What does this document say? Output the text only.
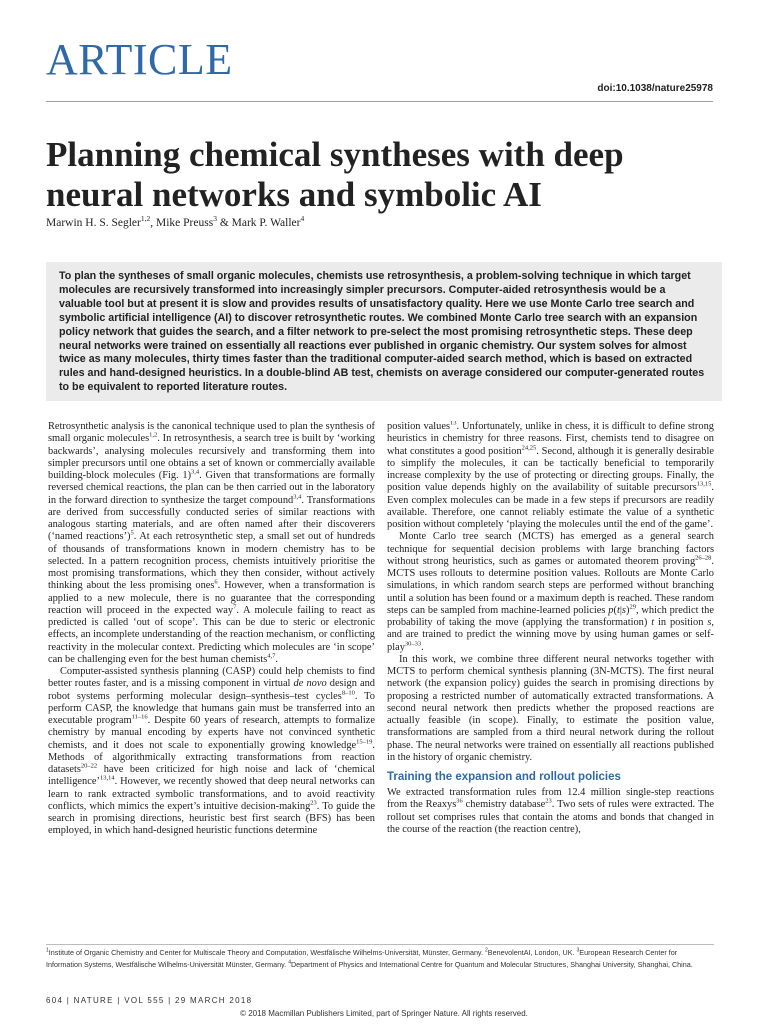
ARTICLE
doi:10.1038/nature25978
Planning chemical syntheses with deep neural networks and symbolic AI
Marwin H. S. Segler$^{1,2}$, Mike Preuss$^3$ & Mark P. Waller$^4$
To plan the syntheses of small organic molecules, chemists use retrosynthesis, a problem-solving technique in which target molecules are recursively transformed into increasingly simpler precursors. Computer-aided retrosynthesis would be a valuable tool but at present it is slow and provides results of unsatisfactory quality. Here we use Monte Carlo tree search and symbolic artificial intelligence (AI) to discover retrosynthetic routes. We combined Monte Carlo tree search with an expansion policy network that guides the search, and a filter network to pre-select the most promising retrosynthetic steps. These deep neural networks were trained on essentially all reactions ever published in organic chemistry. Our system solves for almost twice as many molecules, thirty times faster than the traditional computer-aided search method, which is based on extracted rules and hand-designed heuristics. In a double-blind AB test, chemists on average considered our computer-generated routes to be equivalent to reported literature routes.

Retrosynthetic analysis is the canonical technique used to plan the synthesis of small organic molecules$^{1,2}$. In retrosynthesis, a search tree is built by ‘working backwards’, analysing molecules recursively and transforming them into simpler precursors until one obtains a set of known or commercially available building-block molecules (Fig. 1)$^{3,4}$. Given that transformations are formally reversed chemical reactions, the plan can be then carried out in the laboratory in the forward direction to synthesize the target compound$^{3,4}$. Transformations are derived from successfully conducted series of similar reactions with analogous starting materials, and are often named after their discoverers (‘named reactions’)$^5$. At each retrosynthetic step, a small set out of hundreds of thousands of transformations known in modern chemistry has to be selected. In a pattern recognition process, chemists intuitively prioritise the most promising transformations, which they then consider, without actively thinking about the less promising ones$^6$. However, when a transformation is applied to a new molecule, there is no guarantee that the corresponding reaction will proceed in the expected way$^7$. A molecule failing to react as predicted is called ‘out of scope’. This can be due to steric or electronic effects, an incomplete understanding of the reaction mechanism, or conflicting reactivity in the molecular context. Predicting which molecules are ‘in scope’ can be challenging even for the best human chemists$^{4,7}$.

Computer-assisted synthesis planning (CASP) could help chemists to find better routes faster, and is a missing component in virtual de novo design and robot systems performing molecular design–synthesis–test cycles$^{8-10}$. To perform CASP, the knowledge that humans gain must be transferred into an executable program$^{11-16}$. Despite 60 years of research, attempts to formalize chemistry by manual encoding by experts have not convinced synthetic chemists, and it does not scale to exponentially growing knowledge$^{15-19}$. Methods of algorithmically extracting transformations from reaction datasets$^{20-22}$ have been criticized for high noise and lack of ‘chemical intelligence’$^{13,14}$. However, we recently showed that deep neural networks can learn to rank extracted symbolic transformations, and to avoid reactivity conflicts, which mimics the expert’s intuitive decision-making$^{23}$. To guide the search in promising directions, heuristic best first search (BFS) has been employed, in which hand-designed heuristic functions determine

position values$^{13}$. Unfortunately, unlike in chess, it is difficult to define strong heuristics in chemistry for three reasons. First, chemists tend to disagree on what constitutes a good position$^{24,25}$. Second, although it is generally desirable to simplify the molecules, it can be tactically beneficial to temporarily increase complexity by the use of protecting or directing groups. Finally, the position value depends highly on the availability of suitable precursors$^{13,15}$. Even complex molecules can be made in a few steps if precursors are readily available. Therefore, one cannot reliably estimate the value of a synthetic position without completely ‘playing the molecules until the end of the game’.

Monte Carlo tree search (MCTS) has emerged as a general search technique for sequential decision problems with large branching factors without strong heuristics, such as games or automated theorem proving$^{26-28}$. MCTS uses rollouts to determine position values. Rollouts are Monte Carlo simulations, in which random search steps are performed without branching until a solution has been found or a maximum depth is reached. These random steps can be sampled from machine-learned policies $p(t|s)^{29}$, which predict the probability of taking the move (applying the transformation) t in position s, and are trained to predict the winning move by using human games or self-play$^{30-33}$.

In this work, we combine three different neural networks together with MCTS to perform chemical synthesis planning (3N-MCTS). The first neural network (the expansion policy) guides the search in promising directions by proposing a restricted number of automatically extracted transformations. A second neural network then predicts whether the proposed reactions are actually feasible (in scope). Finally, to estimate the position value, transformations are sampled from a third neural network during the rollout phase. The neural networks were trained on essentially all reactions published in the history of organic chemistry.

Training the expansion and rollout policies

We extracted transformation rules from 12.4 million single-step reactions from the Reaxys$^{36}$ chemistry database$^{23}$. Two sets of rules were extracted. The rollout set comprises rules that contain the atoms and bonds that changed in the course of the reaction (the reaction centre),

$^1$Institute of Organic Chemistry and Center for Multiscale Theory and Computation, Westfälische Wilhelms-Universität, Münster, Germany. $^2$BenevolentAI, London, UK. $^3$European Research Center for Information Systems, Westfälische Wilhelms-Universität Münster, Germany. $^4$Department of Physics and International Centre for Quantum and Molecular Structures, Shanghai University, Shanghai, China.
604 | NATURE | VOL 555 | 29 MARCH 2018
© 2018 Macmillan Publishers Limited, part of Springer Nature. All rights reserved.
